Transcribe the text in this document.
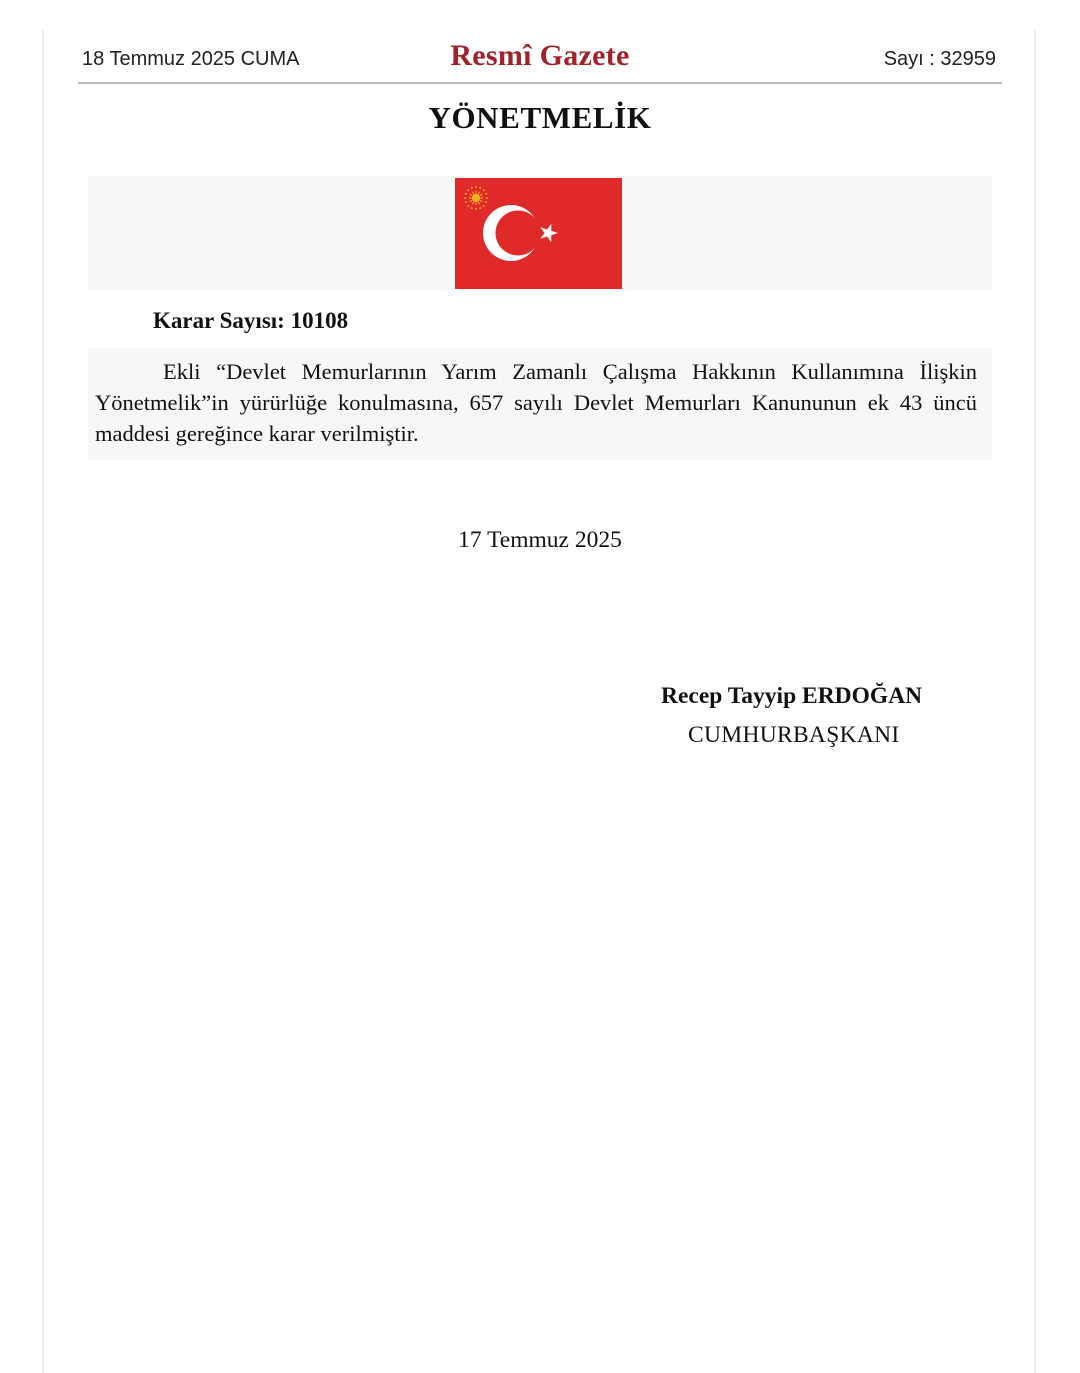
18 Temmuz 2025 CUMA	Resmî Gazete	Sayı : 32959
YÖNETMELİK
Karar Sayısı: 10108

Ekli “Devlet Memurlarının Yarım Zamanlı Çalışma Hakkının Kullanımına İlişkin Yönetmelik”in yürürlüğe konulmasına, 657 sayılı Devlet Memurları Kanununun ek 43 üncü maddesi gereğince karar verilmiştir.

17 Temmuz 2025
Recep Tayyip ERDOĞAN
CUMHURBAŞKANI
